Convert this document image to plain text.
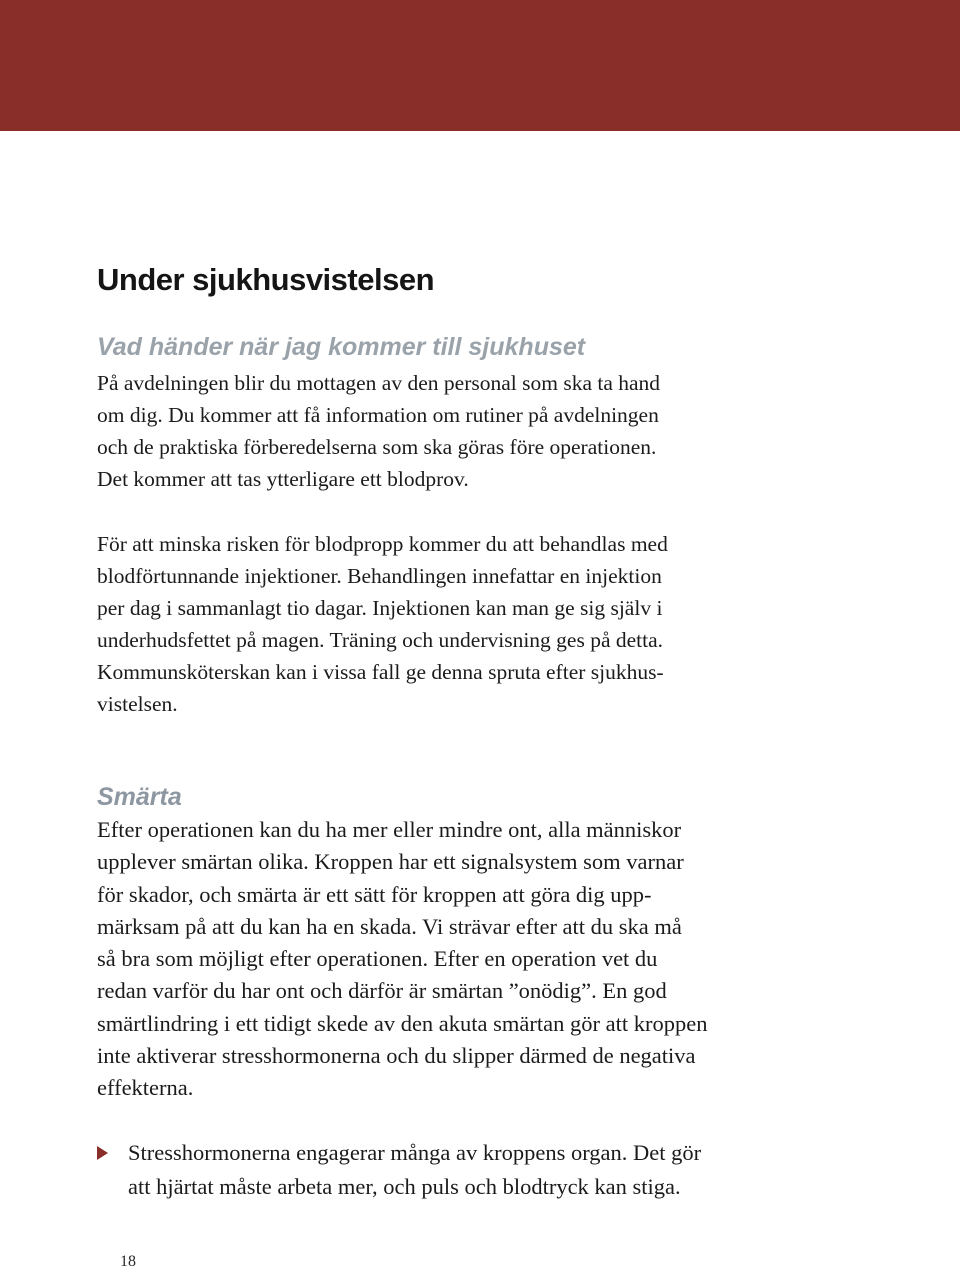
Under sjukhusvistelsen
Vad händer när jag kommer till sjukhuset

På avdelningen blir du mottagen av den personal som ska ta hand
om dig. Du kommer att få information om rutiner på avdelningen
och de praktiska förberedelserna som ska göras före operationen.
Det kommer att tas ytterligare ett blodprov.

För att minska risken för blodpropp kommer du att behandlas med
blodförtunnande injektioner. Behandlingen innefattar en injektion
per dag i sammanlagt tio dagar. Injektionen kan man ge sig själv i
underhudsfettet på magen. Träning och undervisning ges på detta.
Kommunsköterskan kan i vissa fall ge denna spruta efter sjukhus-
vistelsen.

Smärta

Efter operationen kan du ha mer eller mindre ont, alla människor
upplever smärtan olika. Kroppen har ett signalsystem som varnar
för skador, och smärta är ett sätt för kroppen att göra dig upp-
märksam på att du kan ha en skada. Vi strävar efter att du ska må
så bra som möjligt efter operationen. Efter en operation vet du
redan varför du har ont och därför är smärtan ”onödig”. En god
smärtlindring i ett tidigt skede av den akuta smärtan gör att kroppen
inte aktiverar stresshormonerna och du slipper därmed de negativa
effekterna.

Stresshormonerna engagerar många av kroppens organ. Det gör
att hjärtat måste arbeta mer, och puls och blodtryck kan stiga.

18
